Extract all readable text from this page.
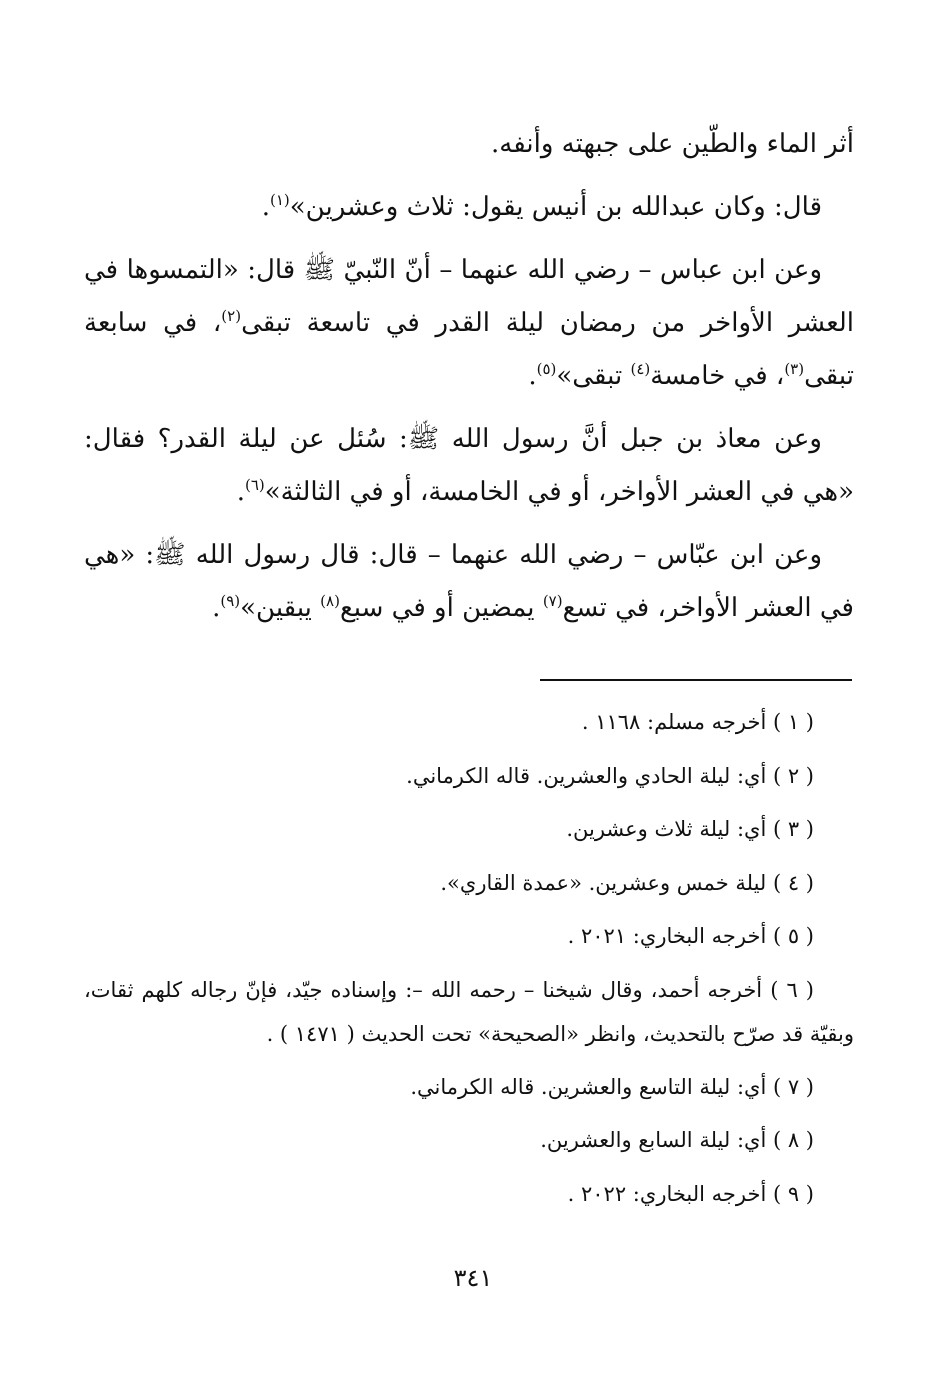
أثر الماء والطّين على جبهته وأنفه.

قال: وكان عبدالله بن أنيس يقول: ثلاث وعشرين»$^{(١)}$.

وعن ابن عباس – رضي الله عنهما – أنّ النّبيّ ﷺ قال: «التمسوها في العشر الأواخر من رمضان ليلة القدر في تاسعة تبقى$^{(٢)}$، في سابعة تبقى$^{(٣)}$، في خامسة$^{(٤)}$ تبقى»$^{(٥)}$.

وعن معاذ بن جبل أنَّ رسول الله ﷺ: سُئل عن ليلة القدر؟ فقال: «هي في العشر الأواخر، أو في الخامسة، أو في الثالثة»$^{(٦)}$.

وعن ابن عبّاس – رضي الله عنهما – قال: قال رسول الله ﷺ: «هي في العشر الأواخر، في تسع$^{(٧)}$ يمضين أو في سبع$^{(٨)}$ يبقين»$^{(٩)}$.

( ١ ) أخرجه مسلم: ١١٦٨ .

( ٢ ) أي: ليلة الحادي والعشرين. قاله الكرماني.

( ٣ ) أي: ليلة ثلاث وعشرين.

( ٤ ) ليلة خمس وعشرين. «عمدة القاري».

( ٥ ) أخرجه البخاري: ٢٠٢١ .

( ٦ ) أخرجه أحمد، وقال شيخنا – رحمه الله –: وإسناده جيّد، فإنّ رجاله كلهم ثقات، وبقيّة قد صرّح بالتحديث، وانظر «الصحيحة» تحت الحديث ( ١٤٧١ ) .

( ٧ ) أي: ليلة التاسع والعشرين. قاله الكرماني.

( ٨ ) أي: ليلة السابع والعشرين.

( ٩ ) أخرجه البخاري: ٢٠٢٢ .

٣٤١
